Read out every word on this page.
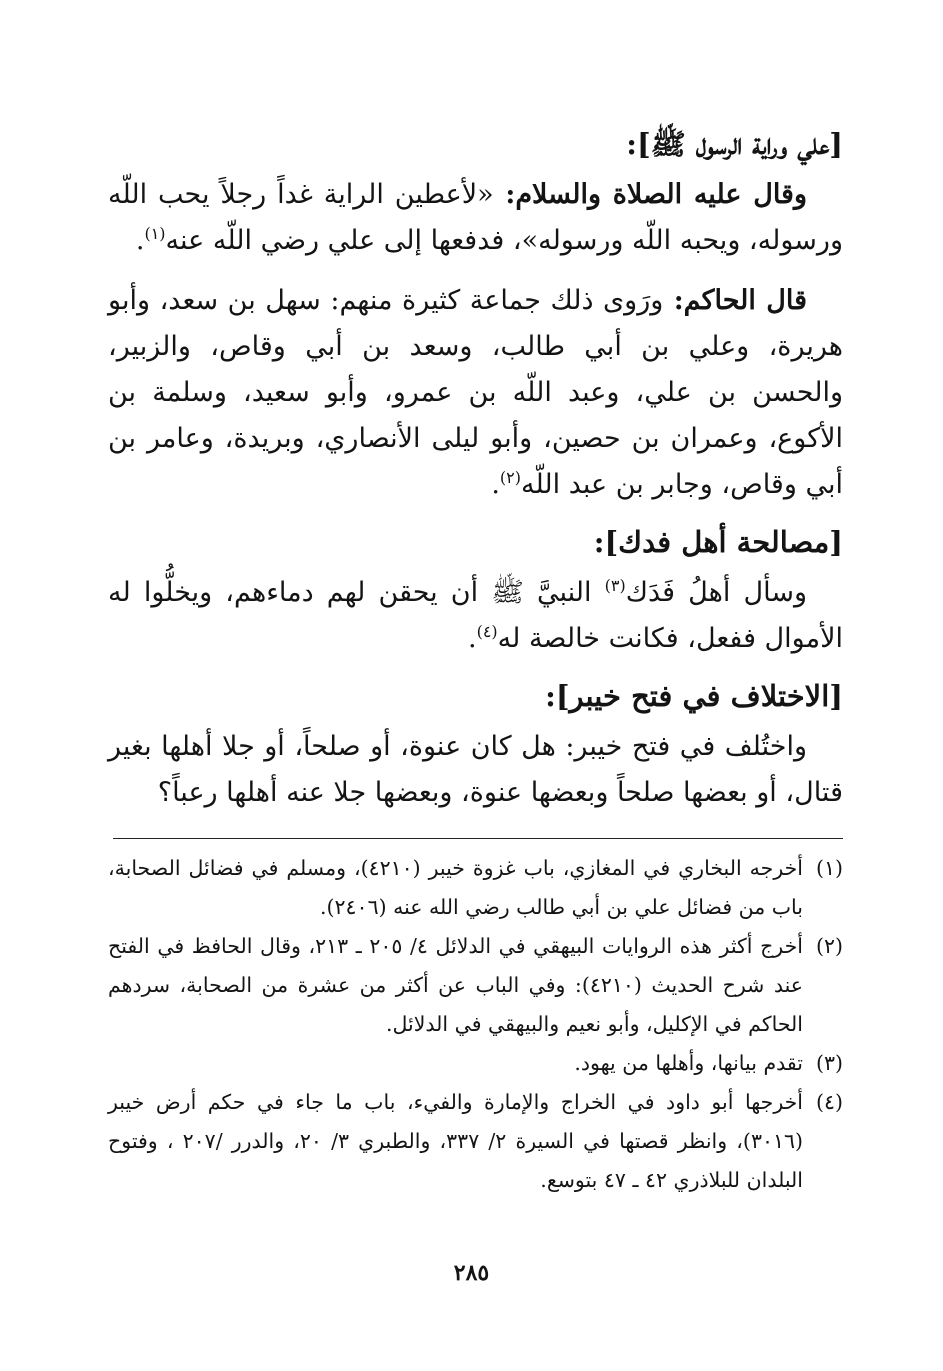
[علي وراية الرسول ﷺ]:

وقال عليه الصلاة والسلام: «لأعطين الراية غداً رجلاً يحب اللّه ورسوله، ويحبه اللّه ورسوله»، فدفعها إلى علي رضي اللّه عنه$^{(١)}$.

قال الحاكم: ورَوى ذلك جماعة كثيرة منهم: سهل بن سعد، وأبو هريرة، وعلي بن أبي طالب، وسعد بن أبي وقاص، والزبير، والحسن بن علي، وعبد اللّه بن عمرو، وأبو سعيد، وسلمة بن الأكوع، وعمران بن حصين، وأبو ليلى الأنصاري، وبريدة، وعامر بن أبي وقاص، وجابر بن عبد اللّه$^{(٢)}$.

[مصالحة أهل فدك]:

وسأل أهلُ فَدَك$^{(٣)}$ النبيَّ ﷺ أن يحقن لهم دماءهم، ويخلُّوا له الأموال ففعل، فكانت خالصة له$^{(٤)}$.

[الاختلاف في فتح خيبر]:

واختُلف في فتح خيبر: هل كان عنوة، أو صلحاً، أو جلا أهلها بغير قتال، أو بعضها صلحاً وبعضها عنوة، وبعضها جلا عنه أهلها رعباً؟

(١)
أخرجه البخاري في المغازي، باب غزوة خيبر (٤٢١٠)، ومسلم في فضائل الصحابة، باب من فضائل علي بن أبي طالب رضي الله عنه (٢٤٠٦).
(٢)
أخرج أكثر هذه الروايات البيهقي في الدلائل ٤/ ٢٠٥ ـ ٢١٣، وقال الحافظ في الفتح عند شرح الحديث (٤٢١٠): وفي الباب عن أكثر من عشرة من الصحابة، سردهم الحاكم في الإكليل، وأبو نعيم والبيهقي في الدلائل.
(٣)
تقدم بيانها، وأهلها من يهود.
(٤)
أخرجها أبو داود في الخراج والإمارة والفيء، باب ما جاء في حكم أرض خيبر (٣٠١٦)، وانظر قصتها في السيرة ٢/ ٣٣٧، والطبري ٣/ ٢٠، والدرر /٢٠٧ ، وفتوح البلدان للبلاذري ٤٢ ـ ٤٧ بتوسع.
٢٨٥
